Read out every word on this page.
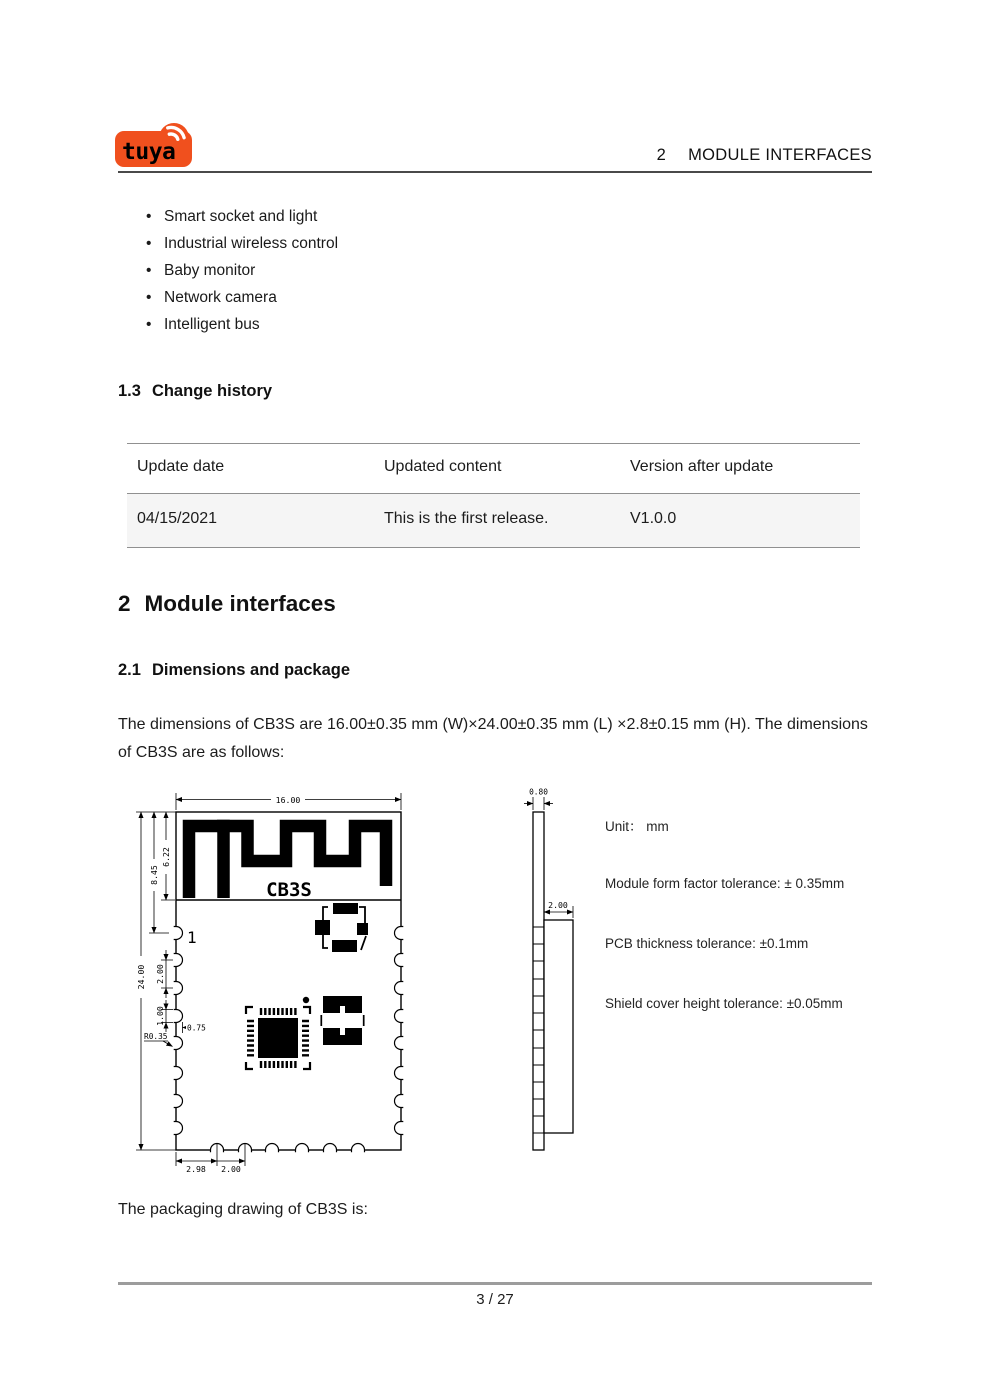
tuya	2 MODULE INTERFACES
• Smart socket and light
• Industrial wireless control
• Baby monitor
• Network camera
• Intelligent bus
1.3 Change history
Update date	Updated content	Version after update
04/15/2021	This is the first release.	V1.0.0
2 Module interfaces
2.1 Dimensions and package
The dimensions of CB3S are 16.00±0.35 mm (W)×24.00±0.35 mm (L) ×2.8±0.15 mm (H). The dimensions of CB3S are as follows:
CB3S
1
16.00
8.45
6.22
24.00 2.00
1.00
0.75
R0.35
2.98 2.00
0.80
2.00
Unit： mm
Module form factor tolerance: ± 0.35mm
PCB thickness tolerance: ±0.1mm
Shield cover height tolerance: ±0.05mm
The packaging drawing of CB3S is:
3 / 27
